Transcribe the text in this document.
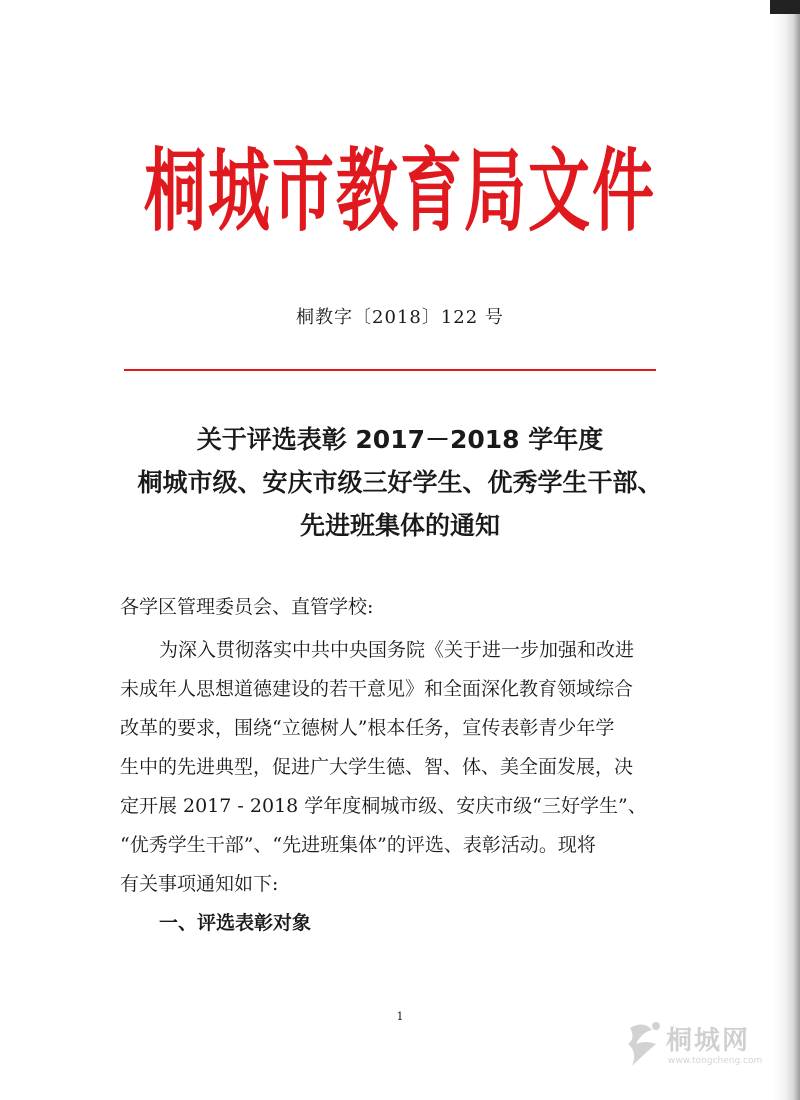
桐城市教育局文件
桐教字〔2018〕122 号
关于评选表彰 2017－2018 学年度
桐城市级、安庆市级三好学生、优秀学生干部、
先进班集体的通知
各学区管理委员会、直管学校:
为深入贯彻落实中共中央国务院《关于进一步加强和改进
未成年人思想道德建设的若干意见》和全面深化教育领域综合
改革的要求，围绕“立德树人”根本任务，宣传表彰青少年学
生中的先进典型，促进广大学生德、智、体、美全面发展，决
定开展 2017 - 2018 学年度桐城市级、安庆市级“三好学生”、
“优秀学生干部”、“先进班集体”的评选、表彰活动。现将
有关事项通知如下:
一、评选表彰对象
1
桐城网
www.tongcheng.com
